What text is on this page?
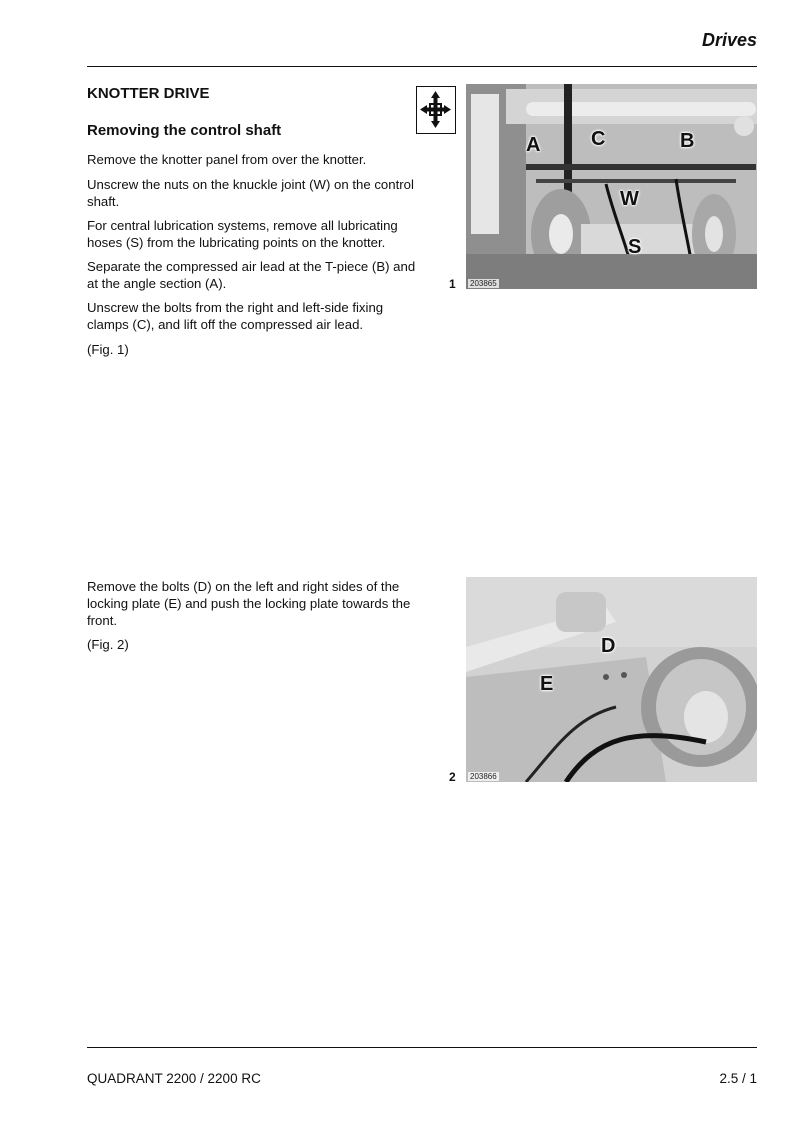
Drives
KNOTTER DRIVE
Removing the control shaft
Remove the knotter panel from over the knotter.
Unscrew the nuts on the knuckle joint (W) on the control shaft.
For central lubrication systems, remove all lubricating hoses (S) from the lubricating points on the knotter.
Separate the compressed air lead at the T-piece (B) and at the angle section (A).
Unscrew the bolts from the right and left-side fixing clamps (C), and lift off the compressed air lead.
(Fig. 1)
A	C	B
W
S
203865
1
Remove the bolts (D) on the left and right sides of the locking plate (E) and push the locking plate towards the front.
(Fig. 2)	D
E
203866
2
QUADRANT 2200 / 2200 RC	2.5 / 1
